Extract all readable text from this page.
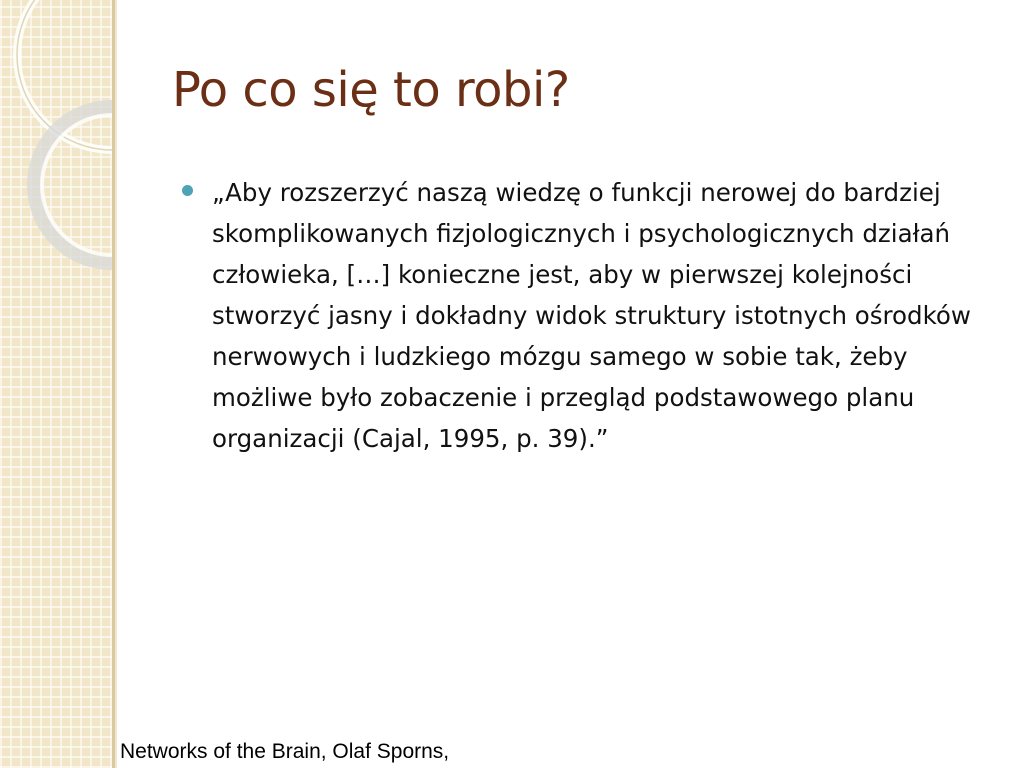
Po co się to robi?
„Aby rozszerzyć naszą wiedzę o funkcji nerowej do bardziej skomplikowanych fizjologicznych i psychologicznych działań człowieka, […] konieczne jest, aby w pierwszej kolejności stworzyć jasny i dokładny widok struktury istotnych ośrodków nerwowych i ludzkiego mózgu samego w sobie tak, żeby możliwe było zobaczenie i przegląd podstawowego planu organizacji (Cajal, 1995, p. 39).”
Networks of the Brain, Olaf Sporns,
